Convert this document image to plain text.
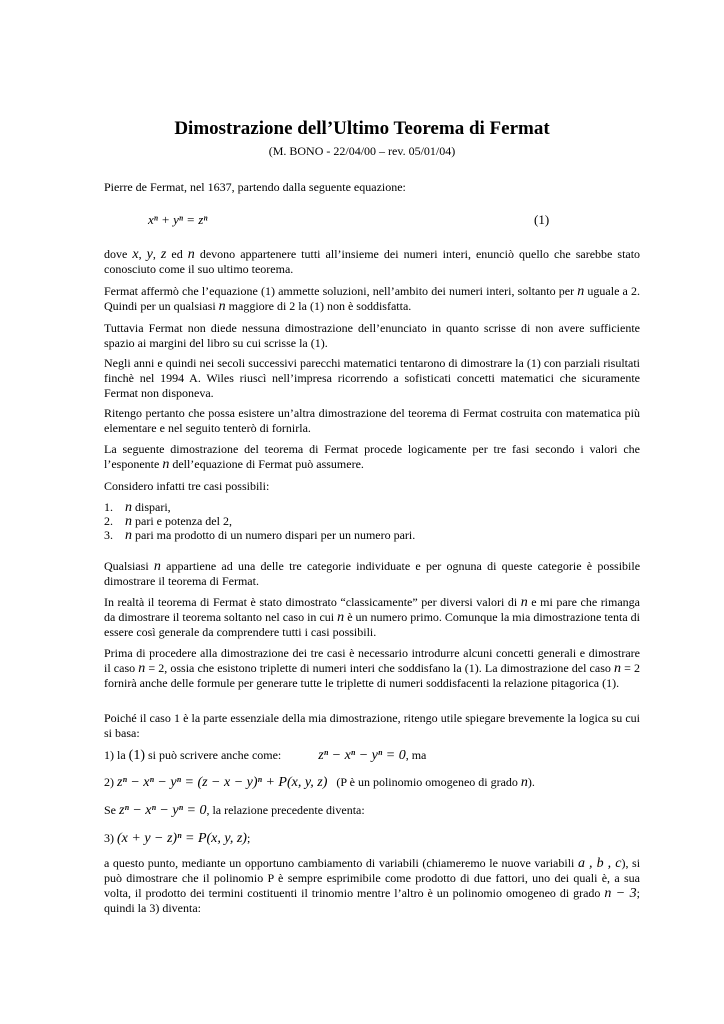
Dimostrazione dell’Ultimo Teorema di Fermat
(M. BONO - 22/04/00 – rev. 05/01/04)
Pierre de Fermat, nel 1637, partendo dalla seguente equazione:
xⁿ + yⁿ = zⁿ	(1)
dove x, y, z ed n devono appartenere tutti all’insieme dei numeri interi, enunciò quello che sarebbe stato conosciuto come il suo ultimo teorema.
Fermat affermò che l’equazione (1) ammette soluzioni, nell’ambito dei numeri interi, soltanto per n uguale a 2. Quindi per un qualsiasi n maggiore di 2 la (1) non è soddisfatta.
Tuttavia Fermat non diede nessuna dimostrazione dell’enunciato in quanto scrisse di non avere sufficiente spazio ai margini del libro su cui scrisse la (1).
Negli anni e quindi nei secoli successivi parecchi matematici tentarono di dimostrare la (1) con parziali risultati finchè nel 1994 A. Wiles riuscì nell’impresa ricorrendo a sofisticati concetti matematici che sicuramente Fermat non disponeva.
Ritengo pertanto che possa esistere un’altra dimostrazione del teorema di Fermat costruita con matematica più elementare e nel seguito tenterò di fornirla.
La seguente dimostrazione del teorema di Fermat procede logicamente per tre fasi secondo i valori che l’esponente n dell’equazione di Fermat può assumere.
Considero infatti tre casi possibili:
1. n dispari,
2. n pari e potenza del 2,
3. n pari ma prodotto di un numero dispari per un numero pari.
Qualsiasi n appartiene ad una delle tre categorie individuate e per ognuna di queste categorie è possibile dimostrare il teorema di Fermat.
In realtà il teorema di Fermat è stato dimostrato “classicamente” per diversi valori di n e mi pare che rimanga da dimostrare il teorema soltanto nel caso in cui n è un numero primo. Comunque la mia dimostrazione tenta di essere così generale da comprendere tutti i casi possibili.
Prima di procedere alla dimostrazione dei tre casi è necessario introdurre alcuni concetti generali e dimostrare il caso n = 2, ossia che esistono triplette di numeri interi che soddisfano la (1). La dimostrazione del caso n = 2 fornirà anche delle formule per generare tutte le triplette di numeri soddisfacenti la relazione pitagorica (1).
Poiché il caso 1 è la parte essenziale della mia dimostrazione, ritengo utile spiegare brevemente la logica su cui si basa:
1) la (1) si può scrivere anche come:	zⁿ − xⁿ − yⁿ = 0, ma
2) zⁿ − xⁿ − yⁿ = (z − x − y)ⁿ + P(x, y, z) (P è un polinomio omogeneo di grado n).
Se zⁿ − xⁿ − yⁿ = 0, la relazione precedente diventa:
3) (x + y − z)ⁿ = P(x, y, z);
a questo punto, mediante un opportuno cambiamento di variabili (chiameremo le nuove variabili a , b , c), si può dimostrare che il polinomio P è sempre esprimibile come prodotto di due fattori, uno dei quali è, a sua volta, il prodotto dei termini costituenti il trinomio mentre l’altro è un polinomio omogeneo di grado n − 3; quindi la 3) diventa:
